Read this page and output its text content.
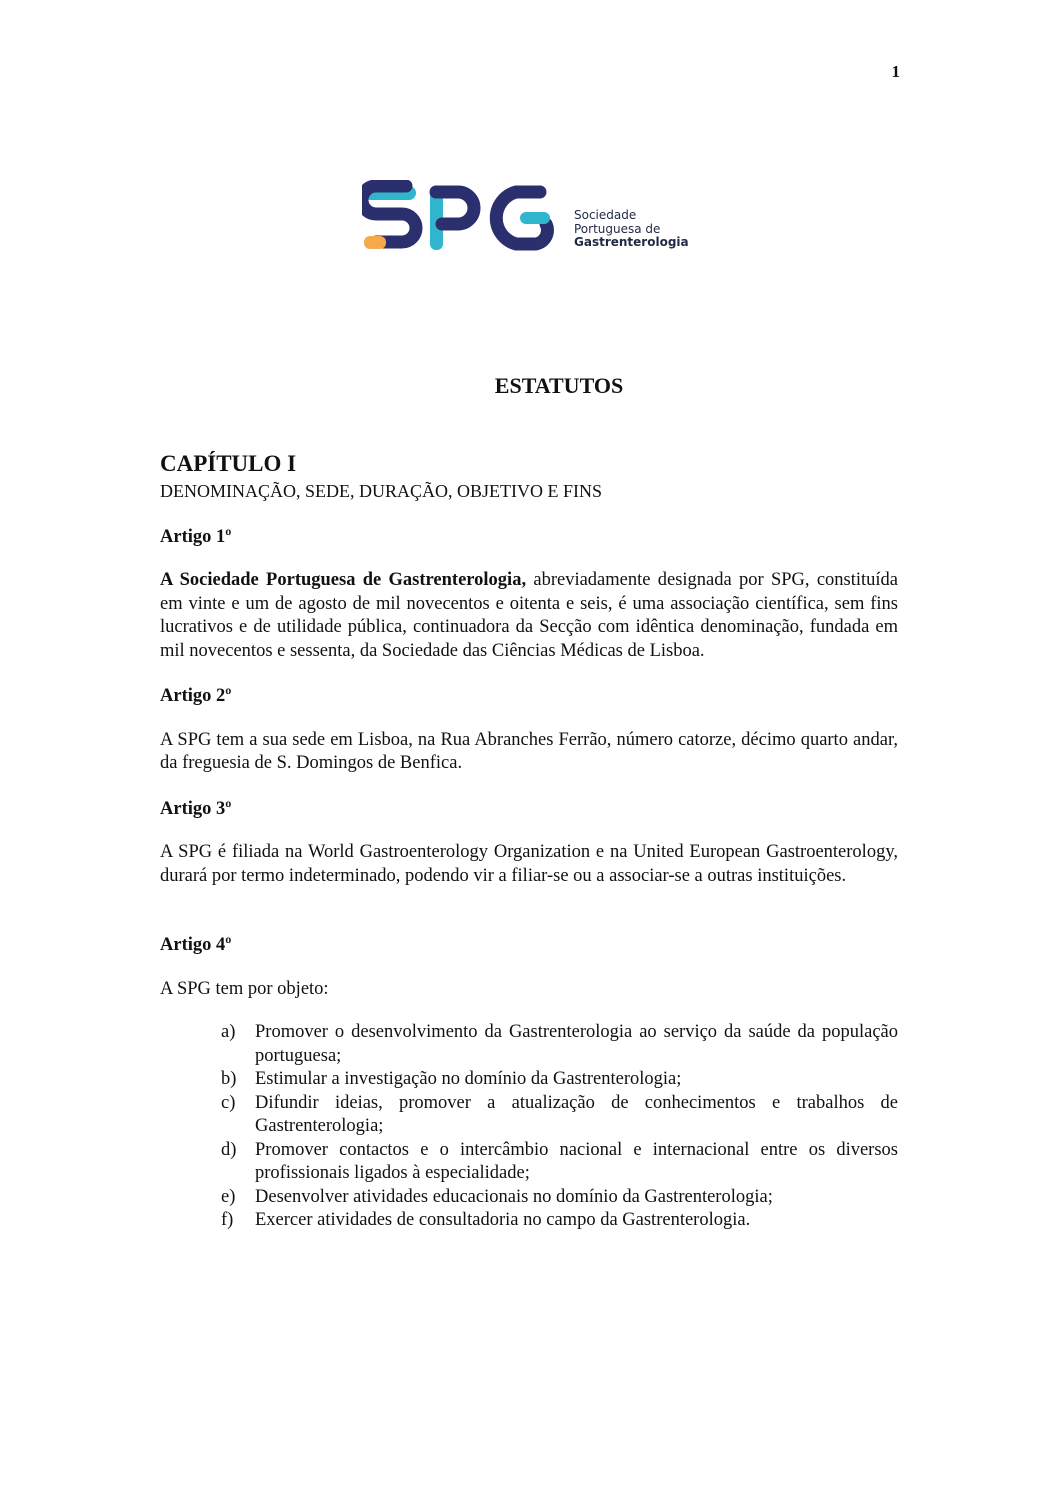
1
Sociedade
Portuguesa de
Gastrenterologia
ESTATUTOS
CAPÍTULO I
DENOMINAÇÃO, SEDE, DURAÇÃO, OBJETIVO E FINS
Artigo 1º
A Sociedade Portuguesa de Gastrenterologia, abreviadamente designada por SPG, constituída em vinte e um de agosto de mil novecentos e oitenta e seis, é uma associação científica, sem fins lucrativos e de utilidade pública, continuadora da Secção com idêntica denominação, fundada em mil novecentos e sessenta, da Sociedade das Ciências Médicas de Lisboa.
Artigo 2º
A SPG tem a sua sede em Lisboa, na Rua Abranches Ferrão, número catorze, décimo quarto andar, da freguesia de S. Domingos de Benfica.
Artigo 3º
A SPG é filiada na World Gastroenterology Organization e na United European Gastroenterology, durará por termo indeterminado, podendo vir a filiar-se ou a associar-se a outras instituições.
Artigo 4º
A SPG tem por objeto:
a) Promover o desenvolvimento da Gastrenterologia ao serviço da saúde da população portuguesa;
b) Estimular a investigação no domínio da Gastrenterologia;
c) Difundir ideias, promover a atualização de conhecimentos e trabalhos de Gastrenterologia;
d) Promover contactos e o intercâmbio nacional e internacional entre os diversos profissionais ligados à especialidade;
e) Desenvolver atividades educacionais no domínio da Gastrenterologia;
f) Exercer atividades de consultadoria no campo da Gastrenterologia.
